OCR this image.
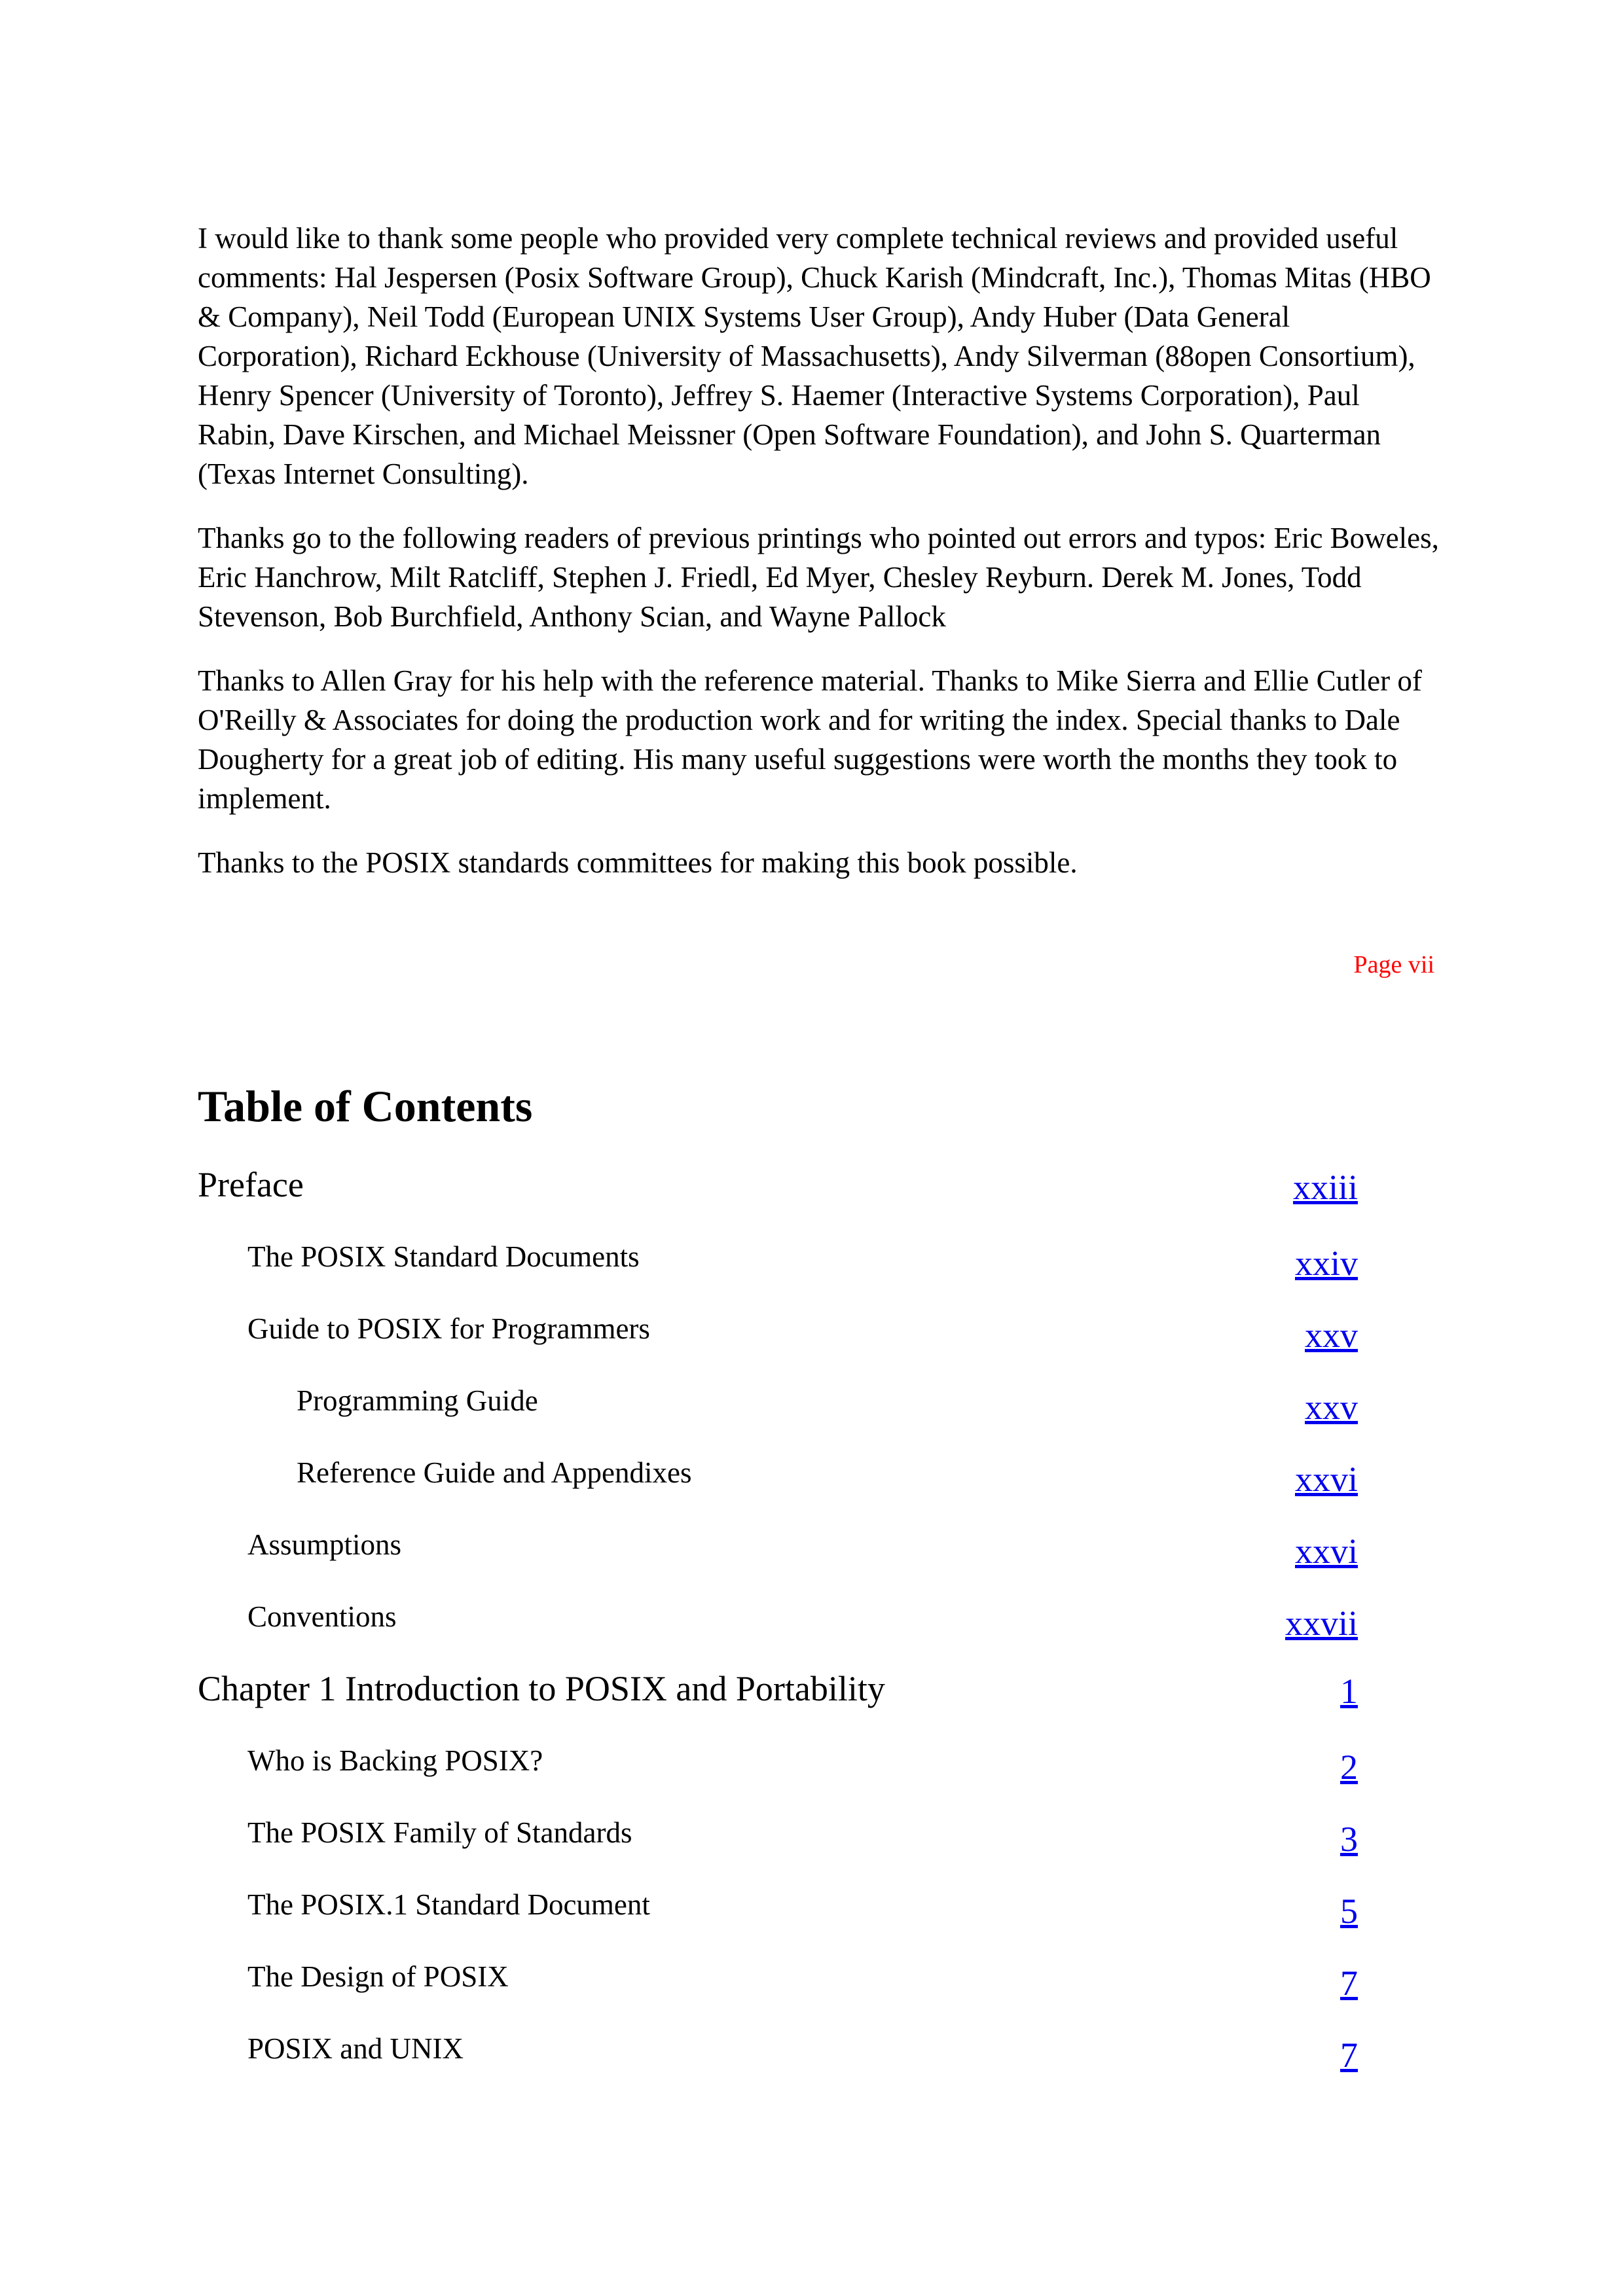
I would like to thank some people who provided very complete technical reviews and provided useful comments: Hal Jespersen (Posix Software Group), Chuck Karish (Mindcraft, Inc.), Thomas Mitas (HBO & Company), Neil Todd (European UNIX Systems User Group), Andy Huber (Data General Corporation), Richard Eckhouse (University of Massachusetts), Andy Silverman (88open Consortium), Henry Spencer (University of Toronto), Jeffrey S. Haemer (Interactive Systems Corporation), Paul Rabin, Dave Kirschen, and Michael Meissner (Open Software Foundation), and John S. Quarterman (Texas Internet Consulting).

Thanks go to the following readers of previous printings who pointed out errors and typos: Eric Boweles, Eric Hanchrow, Milt Ratcliff, Stephen J. Friedl, Ed Myer, Chesley Reyburn. Derek M. Jones, Todd Stevenson, Bob Burchfield, Anthony Scian, and Wayne Pallock

Thanks to Allen Gray for his help with the reference material. Thanks to Mike Sierra and Ellie Cutler of O'Reilly & Associates for doing the production work and for writing the index. Special thanks to Dale Dougherty for a great job of editing. His many useful suggestions were worth the months they took to implement.

Thanks to the POSIX standards committees for making this book possible.

Page vii
Table of Contents
Preface	xxiii
The POSIX Standard Documents	xxiv
Guide to POSIX for Programmers	xxv
Programming Guide	xxv
Reference Guide and Appendixes	xxvi
Assumptions	xxvi
Conventions	xxvii
Chapter 1 Introduction to POSIX and Portability	1
Who is Backing POSIX?	2
The POSIX Family of Standards	3
The POSIX.1 Standard Document	5
The Design of POSIX	7
POSIX and UNIX	7
